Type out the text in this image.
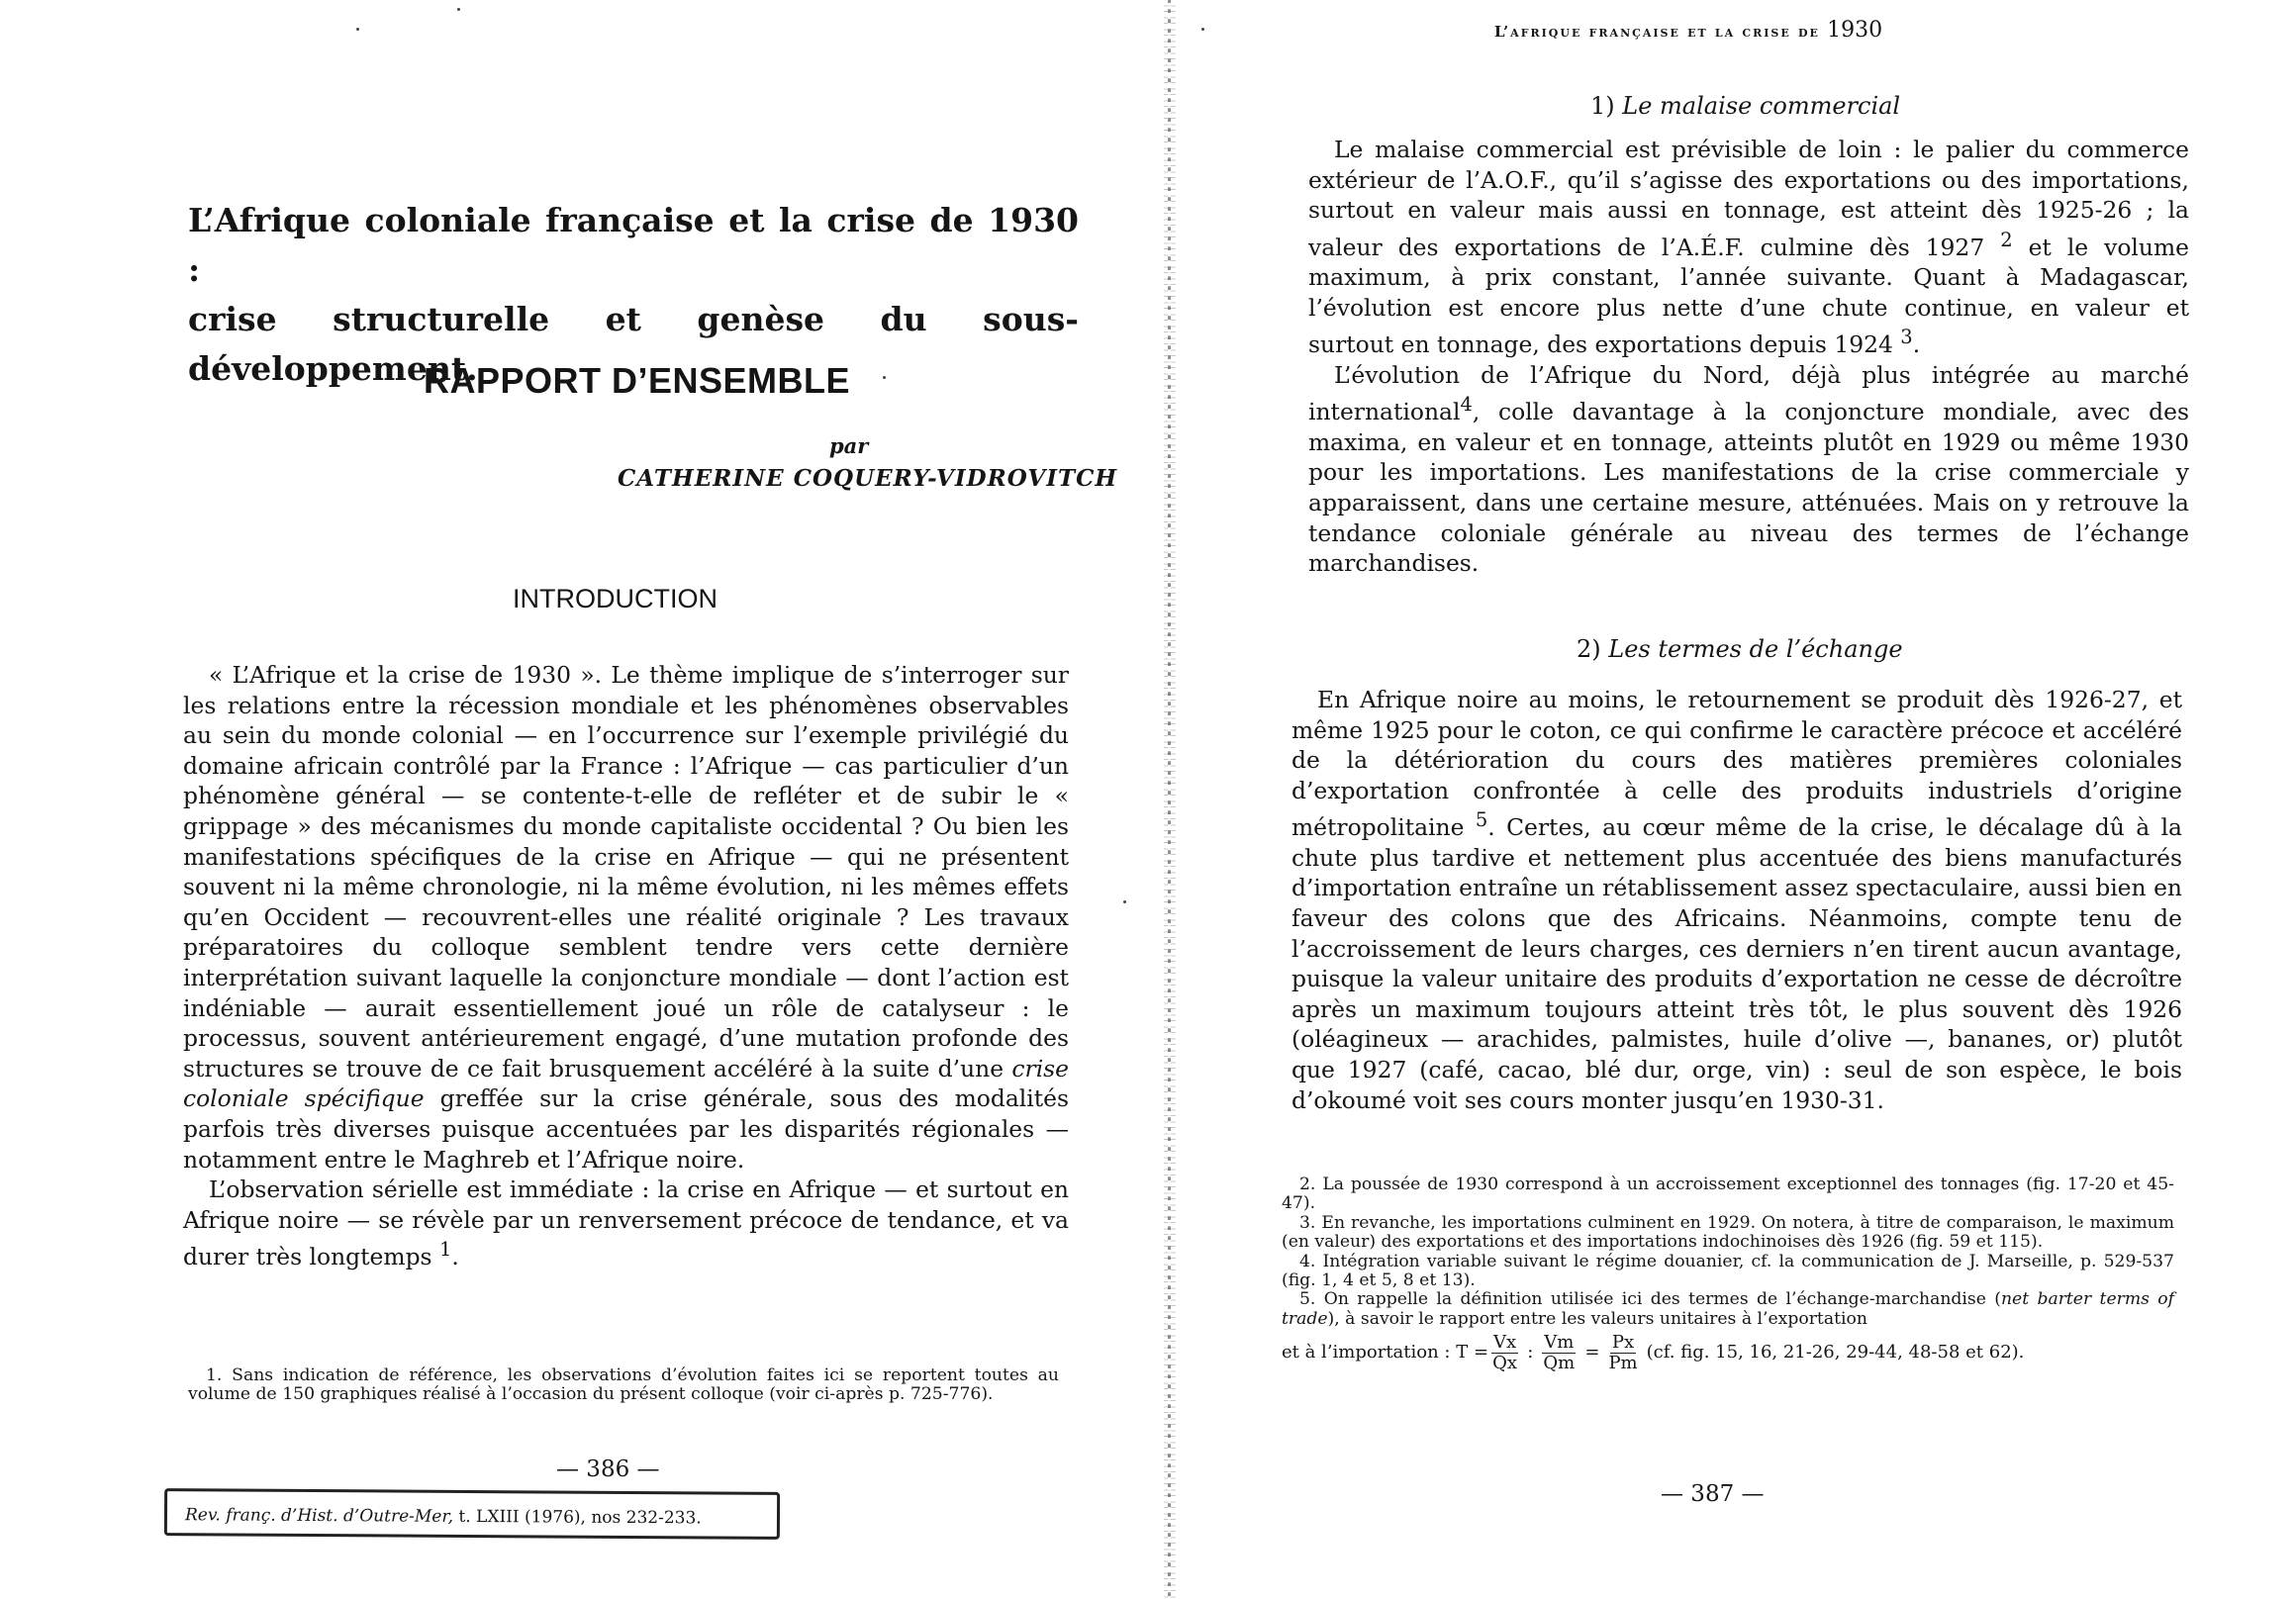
L’Afrique coloniale française et la crise de 1930 :
crise structurelle et genèse du sous-développement.
RAPPORT D’ENSEMBLE
par
CATHERINE COQUERY-VIDROVITCH
INTRODUCTION

« L’Afrique et la crise de 1930 ». Le thème implique de s’interroger sur les relations entre la récession mondiale et les phénomènes observables au sein du monde colonial — en l’occurrence sur l’exemple privilégié du domaine africain contrôlé par la France : l’Afrique — cas particulier d’un phénomène général — se contente-t-elle de refléter et de subir le « grippage » des mécanismes du monde capitaliste occidental ? Ou bien les manifestations spécifiques de la crise en Afrique — qui ne présentent souvent ni la même chronologie, ni la même évolution, ni les mêmes effets qu’en Occident — recouvrent-elles une réalité originale ? Les travaux préparatoires du colloque semblent tendre vers cette dernière interprétation suivant laquelle la conjoncture mondiale — dont l’action est indéniable — aurait essentiellement joué un rôle de catalyseur : le processus, souvent antérieurement engagé, d’une mutation profonde des structures se trouve de ce fait brusquement accéléré à la suite d’une crise coloniale spécifique greffée sur la crise générale, sous des modalités parfois très diverses puisque accentuées par les disparités régionales — notamment entre le Maghreb et l’Afrique noire.

L’observation sérielle est immédiate : la crise en Afrique — et surtout en Afrique noire — se révèle par un renversement précoce de tendance, et va durer très longtemps $^1$.

1. Sans indication de référence, les observations d’évolution faites ici se reportent toutes au volume de 150 graphiques réalisé à l’occasion du présent colloque (voir ci-après p. 725-776).

— 386 —
Rev. franç. d’Hist. d’Outre-Mer, t. LXIII (1976), nos 232-233.
L’afrique française et la crise de 1930
1) Le malaise commercial

Le malaise commercial est prévisible de loin : le palier du commerce extérieur de l’A.O.F., qu’il s’agisse des exportations ou des importations, surtout en valeur mais aussi en tonnage, est atteint dès 1925-26 ; la valeur des exportations de l’A.É.F. culmine dès 1927 $^2$ et le volume maximum, à prix constant, l’année suivante. Quant à Madagascar, l’évolution est encore plus nette d’une chute continue, en valeur et surtout en tonnage, des exportations depuis 1924 $^3$.

L’évolution de l’Afrique du Nord, déjà plus intégrée au marché international$^4$, colle davantage à la conjoncture mondiale, avec des maxima, en valeur et en tonnage, atteints plutôt en 1929 ou même 1930 pour les importations. Les manifestations de la crise commerciale y apparaissent, dans une certaine mesure, atténuées. Mais on y retrouve la tendance coloniale générale au niveau des termes de l’échange marchandises.

2) Les termes de l’échange

En Afrique noire au moins, le retournement se produit dès 1926-27, et même 1925 pour le coton, ce qui confirme le caractère précoce et accéléré de la détérioration du cours des matières premières coloniales d’exportation confrontée à celle des produits industriels d’origine métropolitaine $^5$. Certes, au cœur même de la crise, le décalage dû à la chute plus tardive et nettement plus accentuée des biens manufacturés d’importation entraîne un rétablissement assez spectaculaire, aussi bien en faveur des colons que des Africains. Néanmoins, compte tenu de l’accroissement de leurs charges, ces derniers n’en tirent aucun avantage, puisque la valeur unitaire des produits d’exportation ne cesse de décroître après un maximum toujours atteint très tôt, le plus souvent dès 1926 (oléagineux — arachides, palmistes, huile d’olive —, bananes, or) plutôt que 1927 (café, cacao, blé dur, orge, vin) : seul de son espèce, le bois d’okoumé voit ses cours monter jusqu’en 1930-31.

2. La poussée de 1930 correspond à un accroissement exceptionnel des tonnages (fig. 17-20 et 45-47).

3. En revanche, les importations culminent en 1929. On notera, à titre de comparaison, le maximum (en valeur) des exportations et des importations indochinoises dès 1926 (fig. 59 et 115).

4. Intégration variable suivant le régime douanier, cf. la communication de J. Marseille, p. 529-537 (fig. 1, 4 et 5, 8 et 13).

5. On rappelle la définition utilisée ici des termes de l’échange-marchandise (net barter terms of trade), à savoir le rapport entre les valeurs unitaires à l’exportation

et à l’importation : $T = \frac{Vx}{Qx}$ : $\frac{Vm}{Qm} = \frac{Px}{Pm} (cf$. fig. 15, 16, 21-26, 29-44, 48-58 et 62).

— 387 —
